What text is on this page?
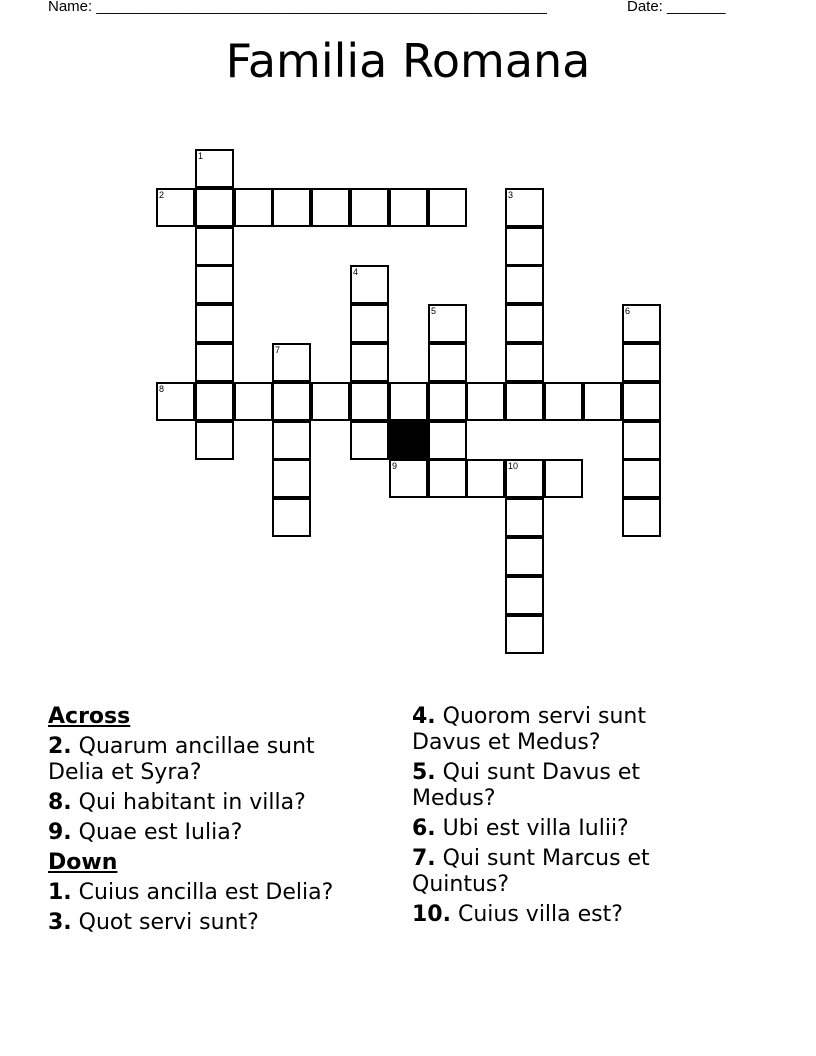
Name: ______________________________________________________	Date: _______
Familia Romana
1
2	3
4
5	6
7
8
9	10
Across
2. Quarum ancillae sunt Delia et Syra?
8. Qui habitant in villa?
9. Quae est Iulia?
Down
1. Cuius ancilla est Delia?
3. Quot servi sunt?
4. Quorom servi sunt Davus et Medus?
5. Qui sunt Davus et Medus?
6. Ubi est villa Iulii?
7. Qui sunt Marcus et Quintus?
10. Cuius villa est?
